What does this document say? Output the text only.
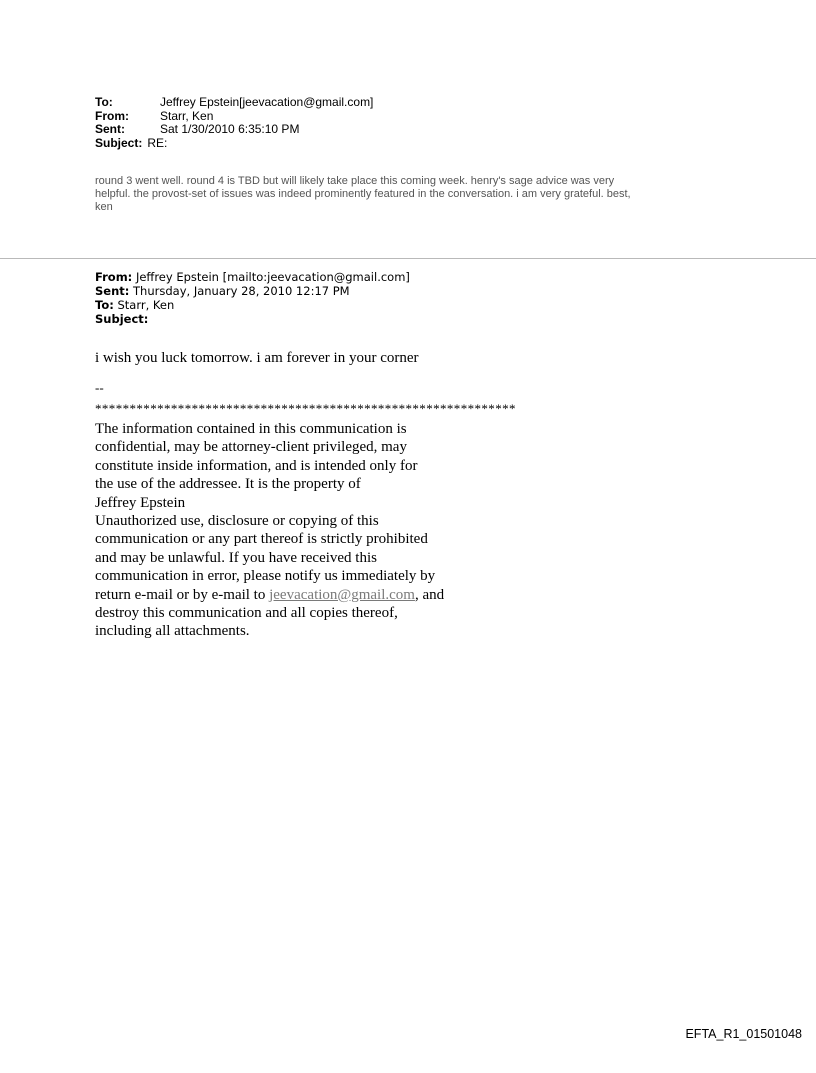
To:	Jeffrey Epstein[jeevacation@gmail.com]
From:	Starr, Ken
Sent:	Sat 1/30/2010 6:35:10 PM
Subject: RE:
round 3 went well. round 4 is TBD but will likely take place this coming week. henry's sage advice was very
helpful. the provost-set of issues was indeed prominently featured in the conversation. i am very grateful. best,
ken
From: Jeffrey Epstein [mailto:jeevacation@gmail.com]
Sent: Thursday, January 28, 2010 12:17 PM
To: Starr, Ken
Subject:
i wish you luck tomorrow. i am forever in your corner
--
*************************************************************
The information contained in this communication is
confidential, may be attorney-client privileged, may
constitute inside information, and is intended only for
the use of the addressee. It is the property of
Jeffrey Epstein
Unauthorized use, disclosure or copying of this
communication or any part thereof is strictly prohibited
and may be unlawful. If you have received this
communication in error, please notify us immediately by
return e-mail or by e-mail to jeevacation@gmail.com, and
destroy this communication and all copies thereof,
including all attachments.
EFTA_R1_01501048
